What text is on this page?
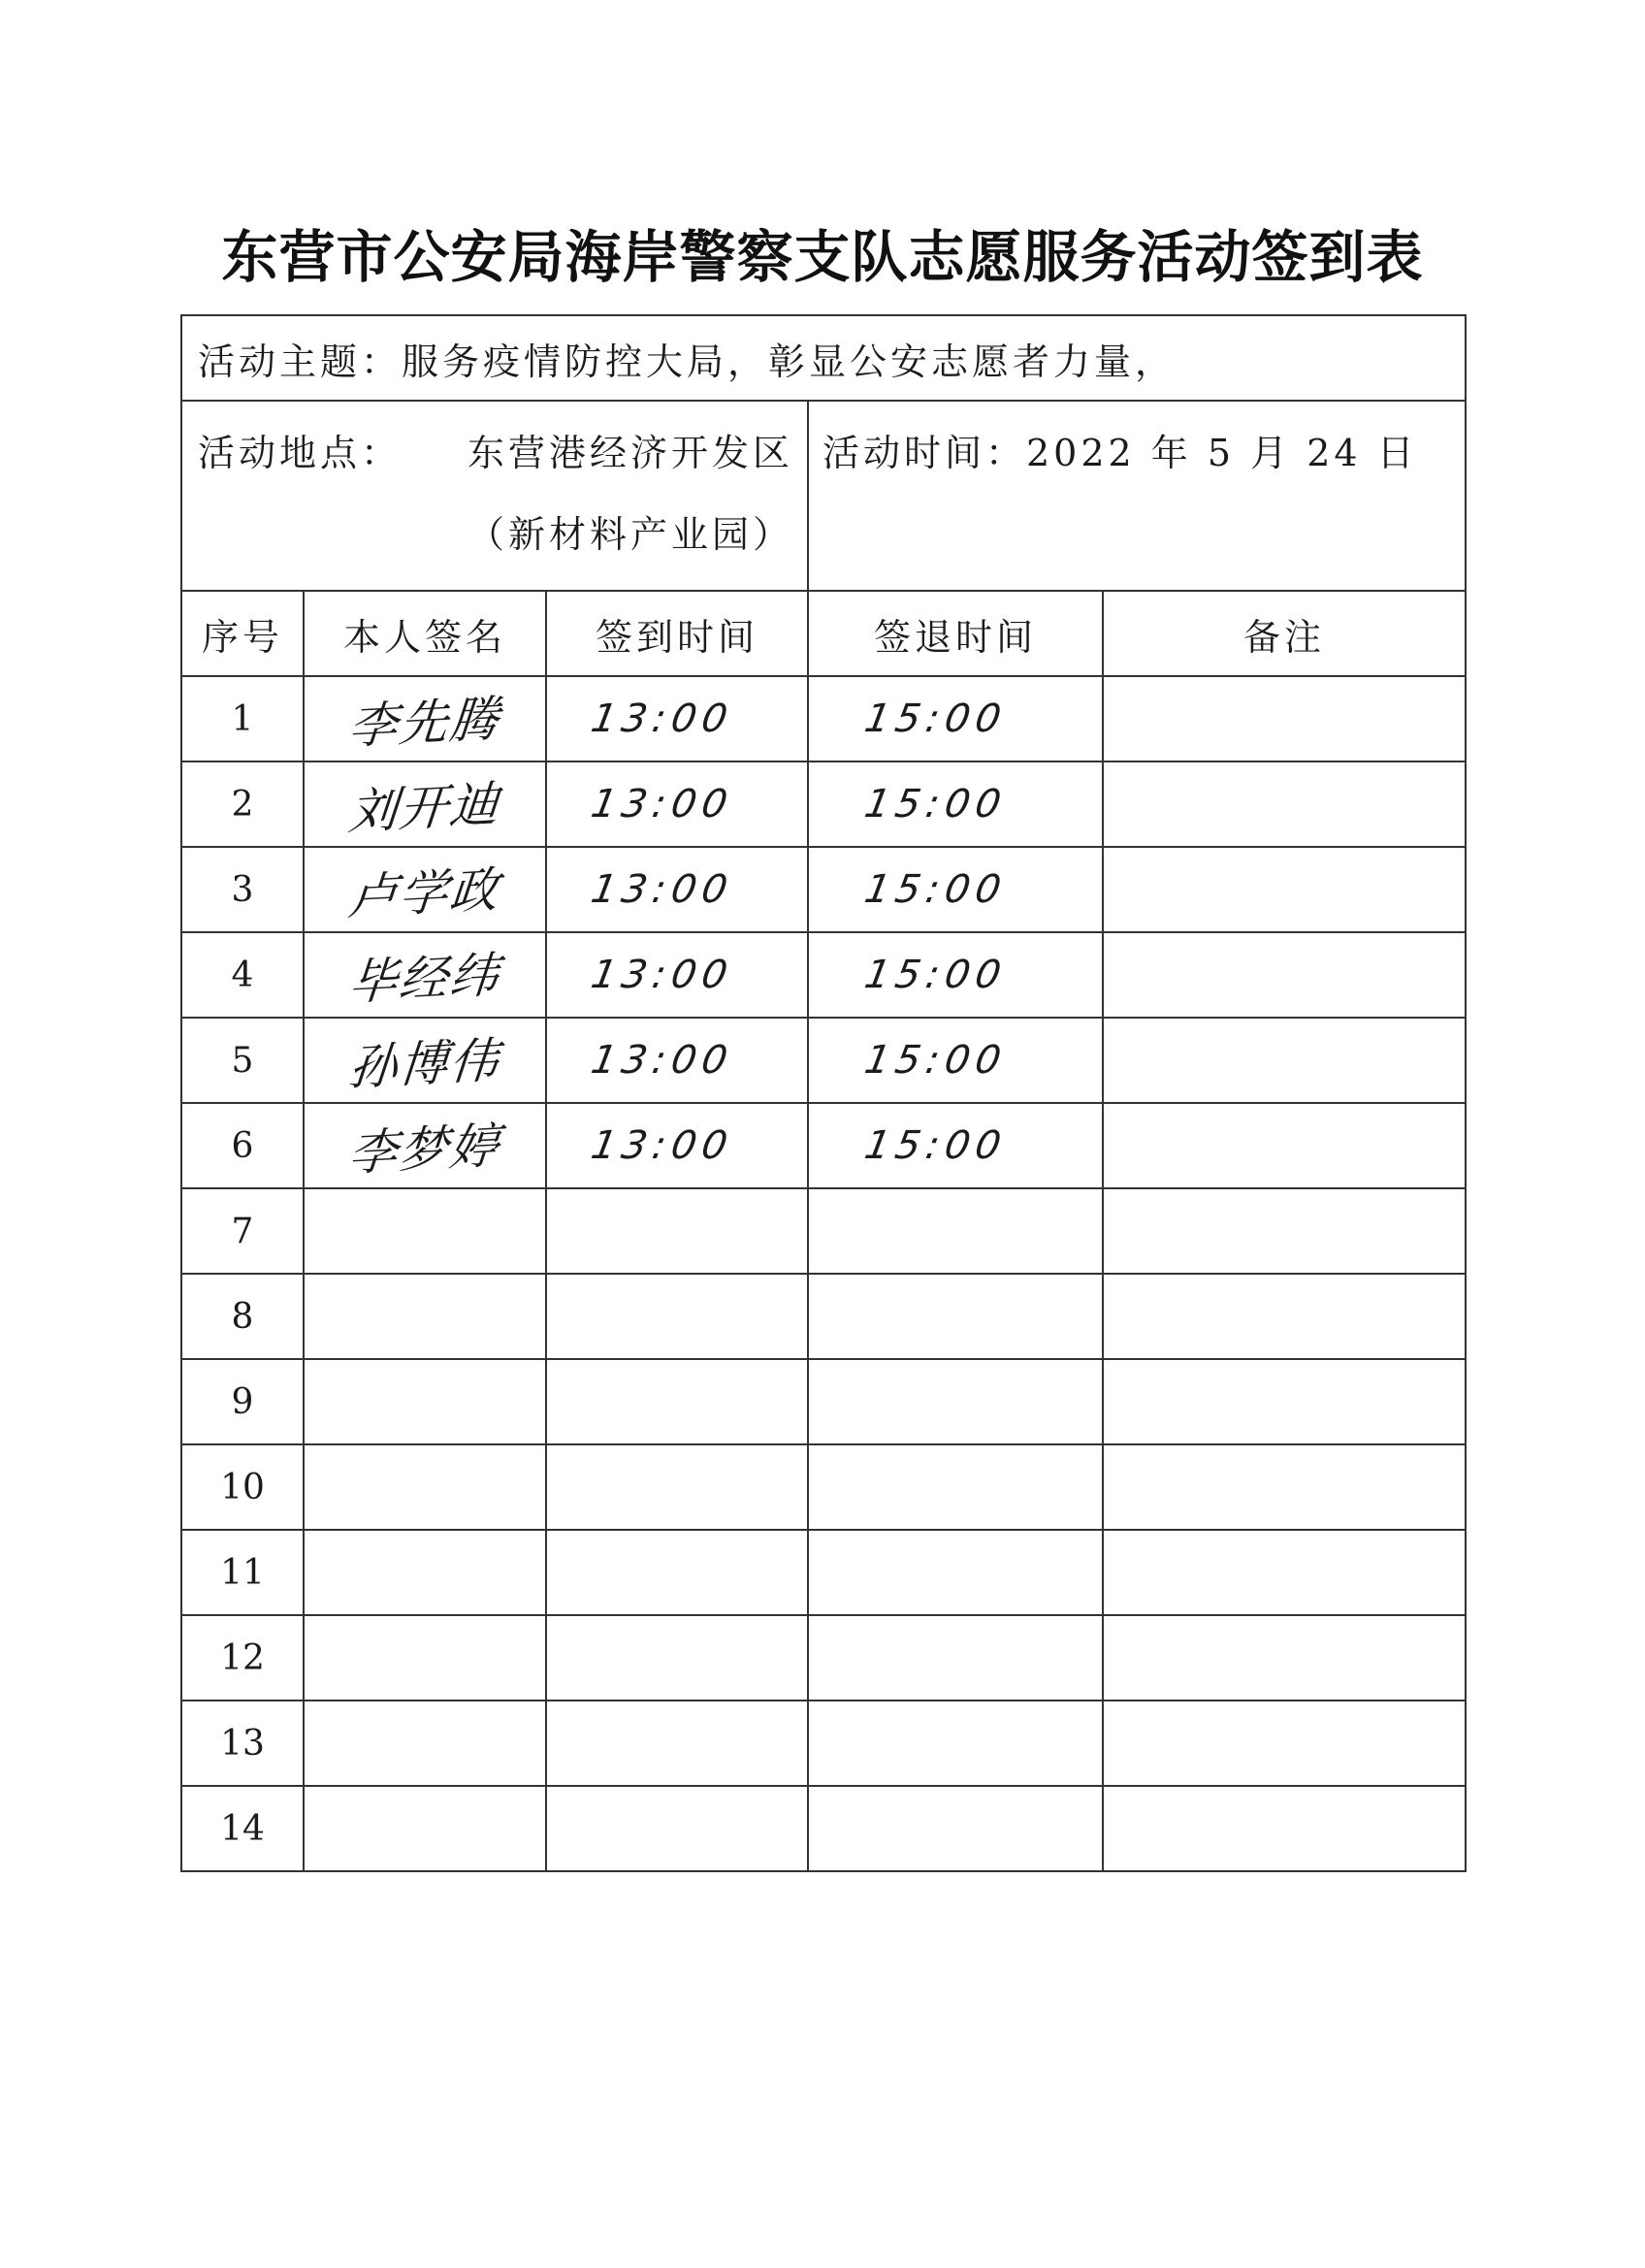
东营市公安局海岸警察支队志愿服务活动签到表
活动主题：服务疫情防控大局，彰显公安志愿者力量，				

活动地点： 东营港经济开发区
（新材料产业园）			活动时间：2022 年 5 月 24 日	
序号	本人签名	签到时间	签退时间	备注
1	李先腾	13:00	15:00	
2	刘开迪	13:00	15:00	
3	卢学政	13:00	15:00	
4	毕经纬	13:00	15:00	
5	孙博伟	13:00	15:00	
6	李梦婷	13:00	15:00	
7				
8				
9				
10				
11				
12				
13				
14				
